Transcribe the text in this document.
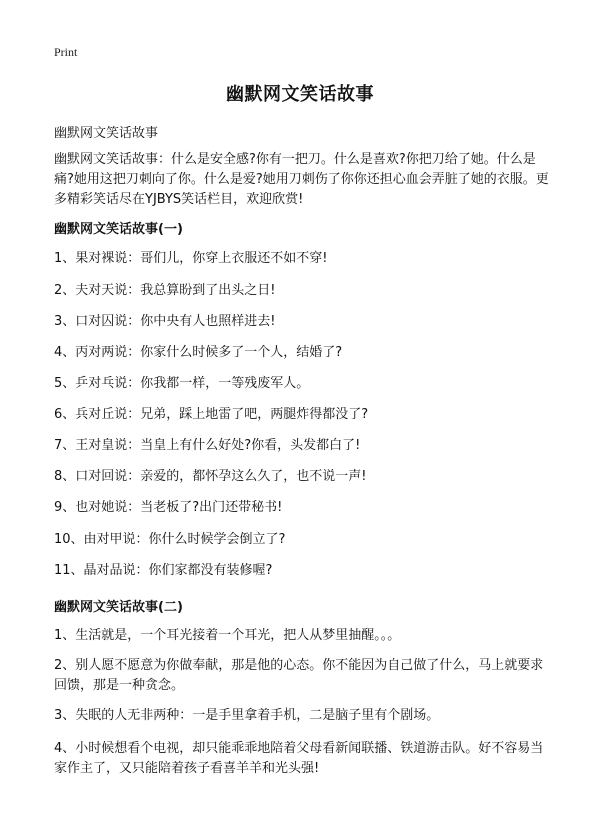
Print
幽默网文笑话故事

幽默网文笑话故事

幽默网文笑话故事：什么是安全感?你有一把刀。什么是喜欢?你把刀给了她。什么是痛?她用这把刀刺向了你。什么是爱?她用刀刺伤了你你还担心血会弄脏了她的衣服。更多精彩笑话尽在YJBYS笑话栏目，欢迎欣赏!

幽默网文笑话故事(一)

1、果对裸说：哥们儿，你穿上衣服还不如不穿!

2、夫对天说：我总算盼到了出头之日!

3、口对囚说：你中央有人也照样进去!

4、丙对两说：你家什么时候多了一个人，结婚了?

5、乒对乓说：你我都一样，一等残废军人。

6、兵对丘说：兄弟，踩上地雷了吧，两腿炸得都没了?

7、王对皇说：当皇上有什么好处?你看，头发都白了!

8、口对回说：亲爱的，都怀孕这么久了，也不说一声!

9、也对她说：当老板了?出门还带秘书!

10、由对甲说：你什么时候学会倒立了?

11、晶对品说：你们家都没有装修喔?

幽默网文笑话故事(二)

1、生活就是，一个耳光接着一个耳光，把人从梦里抽醒。。。

2、别人愿不愿意为你做奉献，那是他的心态。你不能因为自己做了什么，马上就要求回馈，那是一种贪念。

3、失眠的人无非两种：一是手里拿着手机，二是脑子里有个剧场。

4、小时候想看个电视，却只能乖乖地陪着父母看新闻联播、铁道游击队。好不容易当家作主了，又只能陪着孩子看喜羊羊和光头强!
